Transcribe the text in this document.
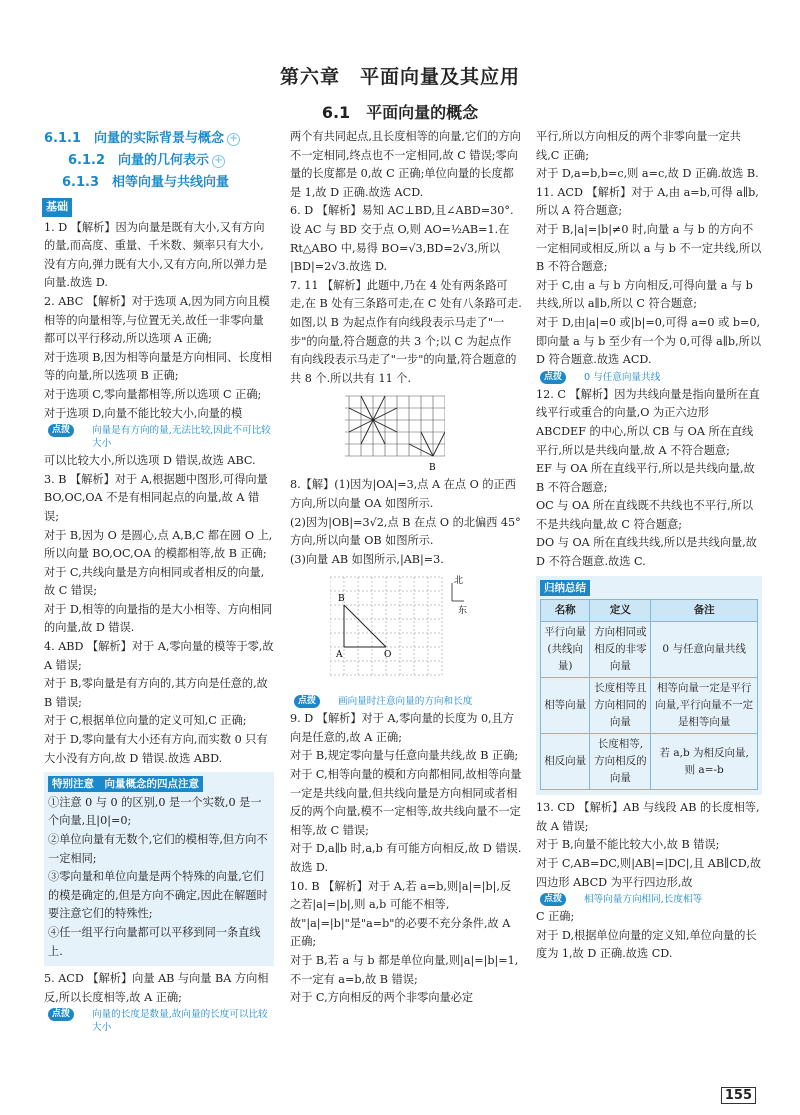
第六章　平面向量及其应用
6.1　平面向量的概念
6.1.1　向量的实际背景与概念 +
6.1.2　向量的几何表示 +
6.1.3　相等向量与共线向量
基础

1. D 【解析】因为向量是既有大小,又有方向的量,而高度、重量、千米数、频率只有大小,没有方向,弹力既有大小,又有方向,所以弹力是向量.故选 D.

2. ABC 【解析】对于选项 A,因为同方向且模相等的向量相等,与位置无关,故任一非零向量都可以平行移动,所以选项 A 正确;

对于选项 B,因为相等向量是方向相同、长度相等的向量,所以选项 B 正确;

对于选项 C,零向量都相等,所以选项 C 正确;

对于选项 D,向量不能比较大小,向量的模

点拨	向量是有方向的量,无法比较,因此不可比较大小

可以比较大小,所以选项 D 错误,故选 ABC.

3. B 【解析】对于 A,根据题中图形,可得向量 BO,OC,OA 不是有相同起点的向量,故 A 错误;

对于 B,因为 O 是圆心,点 A,B,C 都在圆 O 上,所以向量 BO,OC,OA 的模都相等,故 B 正确;

对于 C,共线向量是方向相同或者相反的向量,故 C 错误;

对于 D,相等的向量指的是大小相等、方向相同的向量,故 D 错误.

4. ABD 【解析】对于 A,零向量的模等于零,故 A 错误;

对于 B,零向量是有方向的,其方向是任意的,故 B 错误;

对于 C,根据单位向量的定义可知,C 正确;

对于 D,零向量有大小还有方向,而实数 0 只有大小没有方向,故 D 错误.故选 ABD.

特别注意　向量概念的四点注意

①注意 0 与 0 的区别,0 是一个实数,0 是一个向量,且|0|=0;

②单位向量有无数个,它们的模相等,但方向不一定相同;

③零向量和单位向量是两个特殊的向量,它们的模是确定的,但是方向不确定,因此在解题时要注意它们的特殊性;

④任一组平行向量都可以平移到同一条直线上.

5. ACD 【解析】向量 AB 与向量 BA 方向相反,所以长度相等,故 A 正确;

点拨	向量的长度是数量,故向量的长度可以比较大小

两个有共同起点,且长度相等的向量,它们的方向不一定相同,终点也不一定相同,故 C 错误;零向量的长度都是 0,故 C 正确;单位向量的长度都是 1,故 D 正确.故选 ACD.

6. D 【解析】易知 AC⊥BD,且∠ABD=30°.设 AC 与 BD 交于点 O,则 AO=½AB=1.在 Rt△ABO 中,易得 BO=√3,BD=2√3,所以 |BD|=2√3.故选 D.

7. 11 【解析】此题中,乃在 4 处有两条路可走,在 B 处有三条路可走,在 C 处有八条路可走.如图,以 B 为起点作有向线段表示马走了"一步"的向量,符合题意的共 3 个;以 C 为起点作有向线段表示马走了"一步"的向量,符合题意的共 8 个.所以共有 11 个.

B

8.【解】(1)因为|OA|=3,点 A 在点 O 的正西方向,所以向量 OA 如图所示.

(2)因为|OB|=3√2,点 B 在点 O 的北偏西 45°方向,所以向量 OB 如图所示.

(3)向量 AB 如图所示,|AB|=3.

北
东
B
A	O
点拨	画向量时注意向量的方向和长度

9. D 【解析】对于 A,零向量的长度为 0,且方向是任意的,故 A 正确;

对于 B,规定零向量与任意向量共线,故 B 正确;

对于 C,相等向量的模和方向都相同,故相等向量一定是共线向量,但共线向量是方向相同或者相反的两个向量,模不一定相等,故共线向量不一定相等,故 C 错误;

对于 D,a∥b 时,a,b 有可能方向相反,故 D 错误.故选 D.

10. B 【解析】对于 A,若 a=b,则|a|=|b|,反之若|a|=|b|,则 a,b 可能不相等,故"|a|=|b|"是"a=b"的必要不充分条件,故 A 正确;

对于 B,若 a 与 b 都是单位向量,则|a|=|b|=1,不一定有 a=b,故 B 错误;

对于 C,方向相反的两个非零向量必定

平行,所以方向相反的两个非零向量一定共线,C 正确;

对于 D,a=b,b=c,则 a=c,故 D 正确.故选 B.

11. ACD 【解析】对于 A,由 a=b,可得 a∥b,所以 A 符合题意;

对于 B,|a|=|b|≠0 时,向量 a 与 b 的方向不一定相同或相反,所以 a 与 b 不一定共线,所以 B 不符合题意;

对于 C,由 a 与 b 方向相反,可得向量 a 与 b 共线,所以 a∥b,所以 C 符合题意;

对于 D,由|a|=0 或|b|=0,可得 a=0 或 b=0,即向量 a 与 b 至少有一个为 0,可得 a∥b,所以 D 符合题意.故选 ACD.

点拨	0 与任意向量共线

12. C 【解析】因为共线向量是指向量所在直线平行或重合的向量,O 为正六边形 ABCDEF 的中心,所以 CB 与 OA 所在直线平行,所以是共线向量,故 A 不符合题意;

EF 与 OA 所在直线平行,所以是共线向量,故 B 不符合题意;

OC 与 OA 所在直线既不共线也不平行,所以不是共线向量,故 C 符合题意;

DO 与 OA 所在直线共线,所以是共线向量,故 D 不符合题意.故选 C.

归纳总结
名称	定义	备注
平行向量(共线向量)	方向相同或相反的非零向量	0 与任意向量共线
相等向量	长度相等且方向相同的向量	相等向量一定是平行向量,平行向量不一定是相等向量
相反向量	长度相等,方向相反的向量	若 a,b 为相反向量,则 a=-b

13. CD 【解析】AB 与线段 AB 的长度相等,故 A 错误;

对于 B,向量不能比较大小,故 B 错误;

对于 C,AB=DC,则|AB|=|DC|,且 AB∥CD,故四边形 ABCD 为平行四边形,故

点拨	相等向量方向相同,长度相等

C 正确;

对于 D,根据单位向量的定义知,单位向量的长度为 1,故 D 正确.故选 CD.

155
